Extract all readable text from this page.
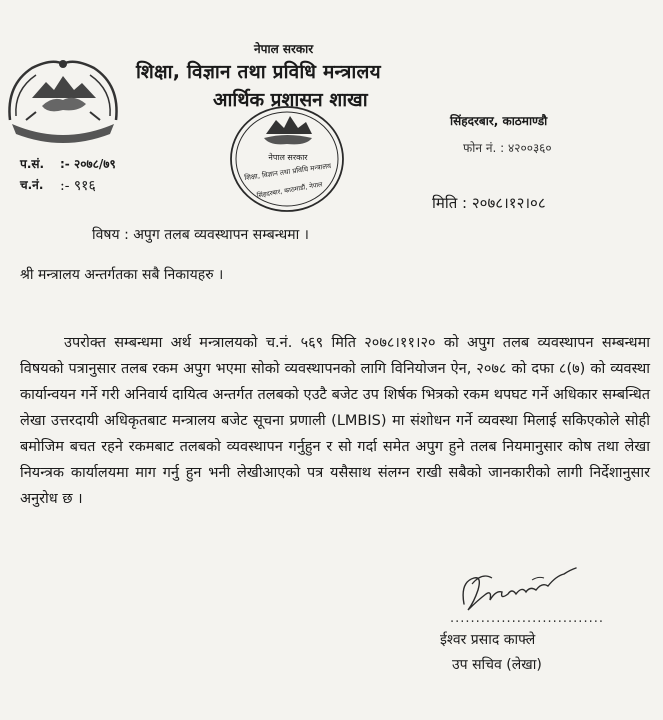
नेपाल सरकार
शिक्षा, विज्ञान तथा प्रविधि मन्त्रालय
आर्थिक प्रशासन शाखा
नेपाल सरकार
शिक्षा, विज्ञान तथा प्रविधि मन्त्रालय
सिंहदरबार, काठमाडौं, नेपाल
सिंहदरबार, काठमाण्डौ
फोन नं. : ४२००३६०
प.सं. :- २०७८/७९
च.नं. :- ९१६
मिति : २०७८।१२।०८
विषय : अपुग तलब व्यवस्थापन सम्बन्धमा ।
श्री मन्त्रालय अन्तर्गतका सबै निकायहरु ।
उपरोक्त सम्बन्धमा अर्थ मन्त्रालयको च.नं. ५६९ मिति २०७८।११।२० को अपुग तलब व्यवस्थापन सम्बन्धमा विषयको पत्रानुसार तलब रकम अपुग भएमा सोको व्यवस्थापनको लागि विनियोजन ऐन, २०७८ को दफा ८(७) को व्यवस्था कार्यान्वयन गर्ने गरी अनिवार्य दायित्व अन्तर्गत तलबको एउटै बजेट उप शिर्षक भित्रको रकम थपघट गर्ने अधिकार सम्बन्धित लेखा उत्तरदायी अधिकृतबाट मन्त्रालय बजेट सूचना प्रणाली (LMBIS) मा संशोधन गर्ने व्यवस्था मिलाई सकिएकोले सोही बमोजिम बचत रहने रकमबाट तलबको व्यवस्थापन गर्नुहुन र सो गर्दा समेत अपुग हुने तलब नियमानुसार कोष तथा लेखा नियन्त्रक कार्यालयमा माग गर्नु हुन भनी लेखीआएको पत्र यसैसाथ संलग्न राखी सबैको जानकारीको लागी निर्देशानुसार अनुरोध छ ।
..............................
ईश्वर प्रसाद काफ्ले
उप सचिव (लेखा)
